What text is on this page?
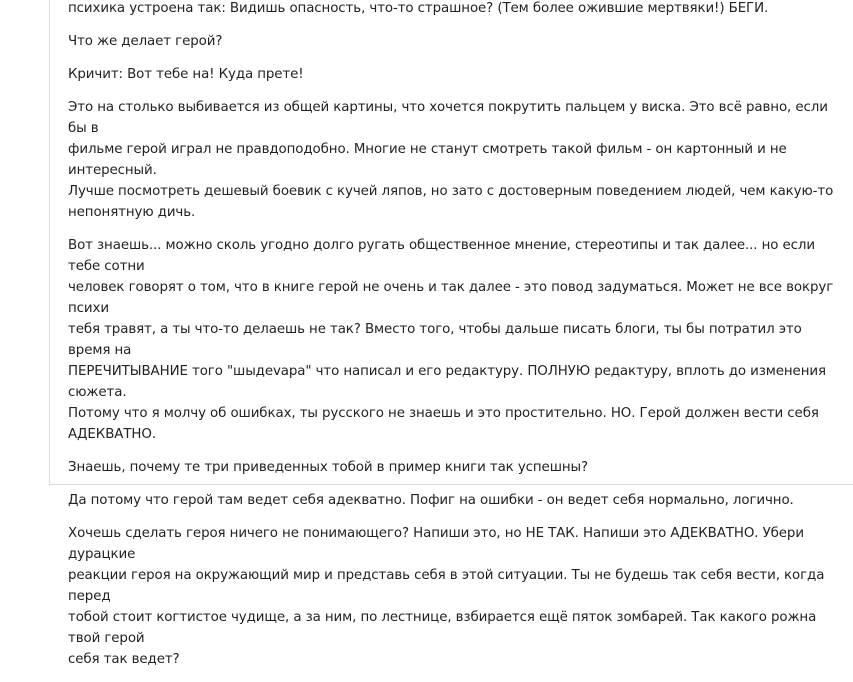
психика устроена так: Видишь опасность, что-то страшное? (Тем более ожившие мертвяки!) БЕГИ.

Что же делает герой?

Кричит: Вот тебе на! Куда прете!

Это на столько выбивается из общей картины, что хочется покрутить пальцем у виска. Это всё равно, если бы в
фильме герой играл не правдоподобно. Многие не станут смотреть такой фильм - он картонный и не интересный.
Лучше посмотреть дешевый боевик с кучей ляпов, но зато с достоверным поведением людей, чем какую-то
непонятную дичь.

Вот знаешь... можно сколь угодно долго ругать общественное мнение, стереотипы и так далее... но если тебе сотни
человек говорят о том, что в книге герой не очень и так далее - это повод задуматься. Может не все вокруг психи
тебя травят, а ты что-то делаешь не так? Вместо того, чтобы дальше писать блоги, ты бы потратил это время на
ПЕРЕЧИТЫВАНИЕ того "шыдеvара" что написал и его редактуру. ПОЛНУЮ редактуру, вплоть до изменения сюжета.
Потому что я молчу об ошибках, ты русского не знаешь и это простительно. НО. Герой должен вести себя
АДЕКВАТНО.

Знаешь, почему те три приведенных тобой в пример книги так успешны?

Да потому что герой там ведет себя адекватно. Пофиг на ошибки - он ведет себя нормально, логично.

Хочешь сделать героя ничего не понимающего? Напиши это, но НЕ ТАК. Напиши это АДЕКВАТНО. Убери дурацкие
реакции героя на окружающий мир и представь себя в этой ситуации. Ты не будешь так себя вести, когда перед
тобой стоит когтистое чудище, а за ним, по лестнице, взбирается ещё пяток зомбарей. Так какого рожна твой герой
себя так ведет?
